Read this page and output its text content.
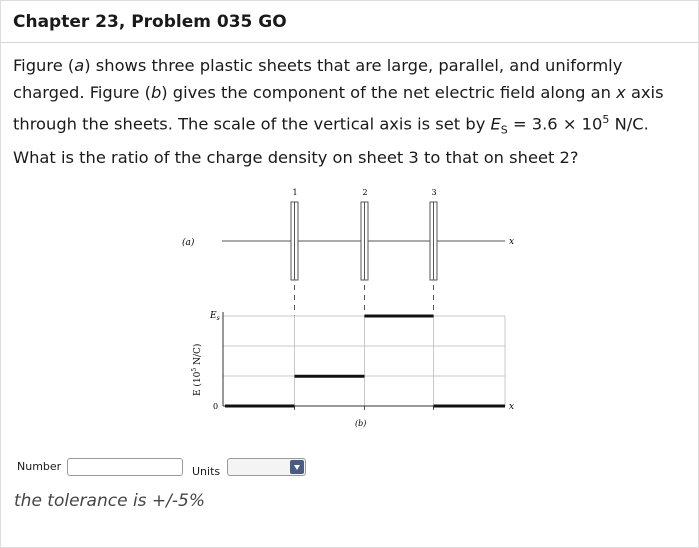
Chapter 23, Problem 035 GO
Figure (a) shows three plastic sheets that are large, parallel, and uniformly charged. Figure (b) gives the component of the net electric field along an x axis through the sheets. The scale of the vertical axis is set by $E_S = 3.6 \times 10^5$ N/C. What is the ratio of the charge density on sheet 3 to that on sheet 2?
(a)	x
1	2	3
x
$E_s$
0
E ($10^5$ N/C)
(b)
Number	Units
the tolerance is +/-5%
